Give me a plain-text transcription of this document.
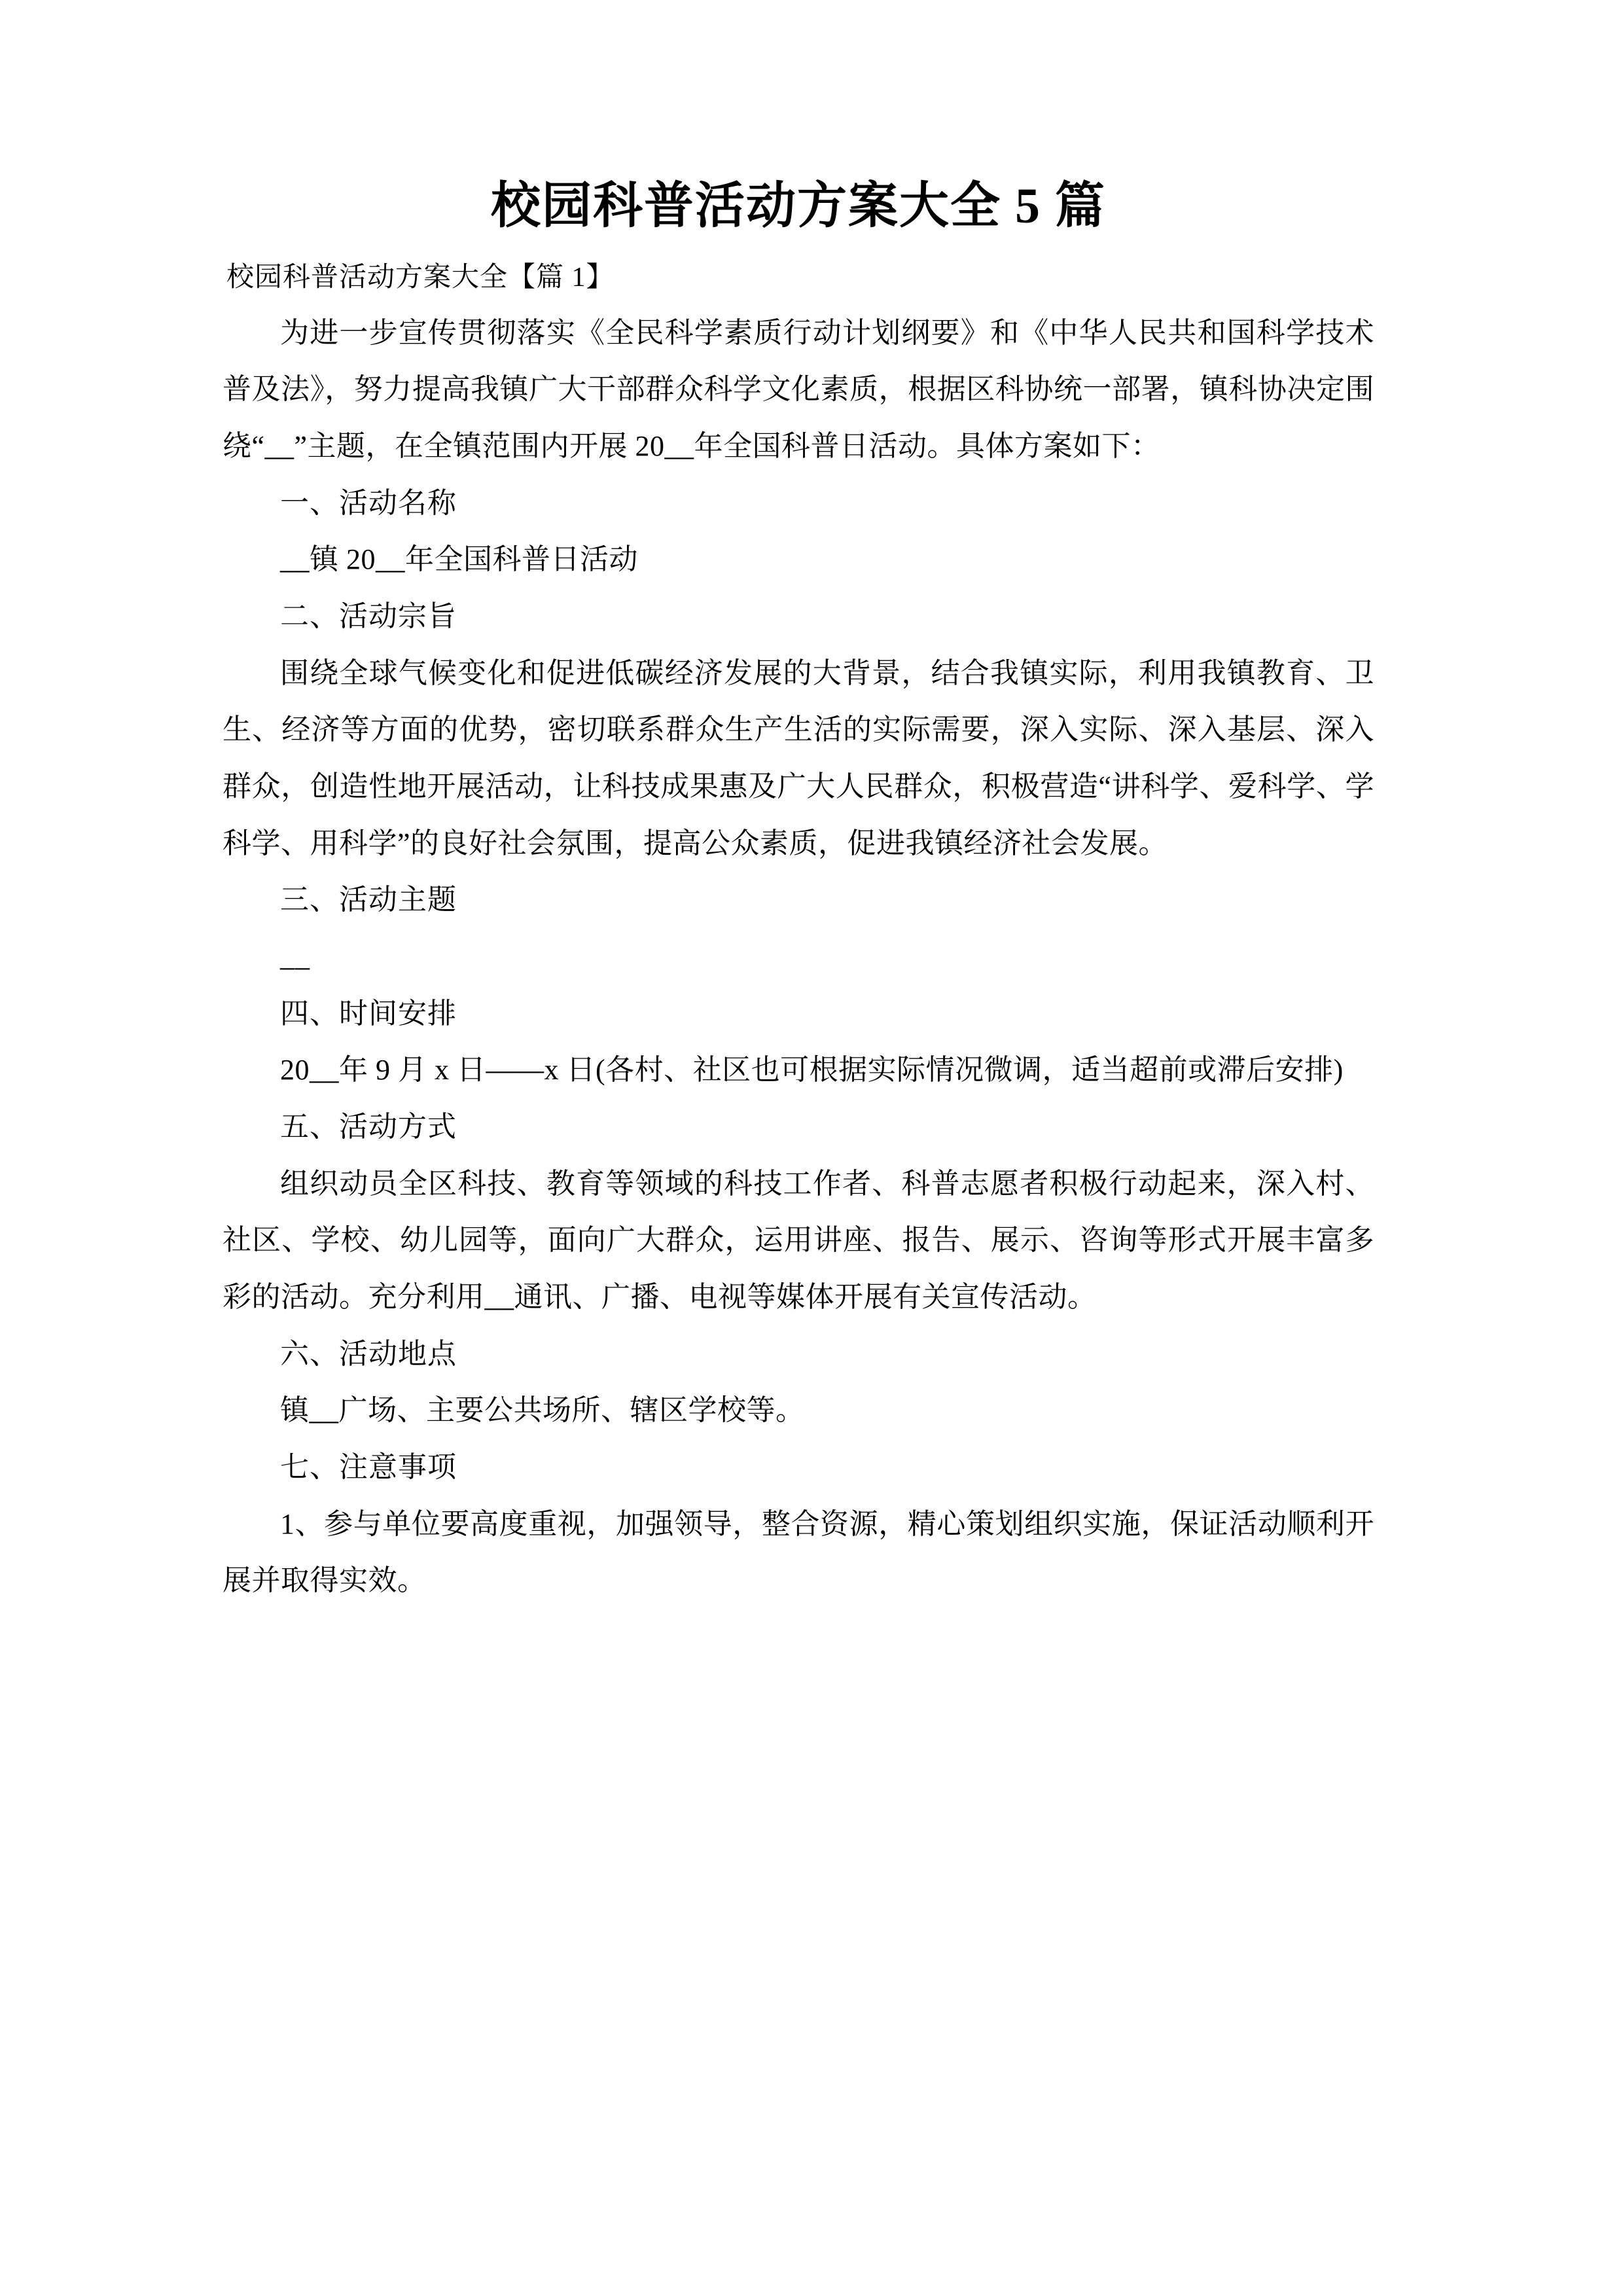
校园科普活动方案大全 5 篇

校园科普活动方案大全【篇 1】

为进一步宣传贯彻落实《全民科学素质行动计划纲要》和《中华人民共和国科学技术普及法》，努力提高我镇广大干部群众科学文化素质，根据区科协统一部署，镇科协决定围绕“__”主题，在全镇范围内开展 20__年全国科普日活动。具体方案如下：

一、活动名称

__镇 20__年全国科普日活动

二、活动宗旨

围绕全球气候变化和促进低碳经济发展的大背景，结合我镇实际，利用我镇教育、卫生、经济等方面的优势，密切联系群众生产生活的实际需要，深入实际、深入基层、深入群众，创造性地开展活动，让科技成果惠及广大人民群众，积极营造“讲科学、爱科学、学科学、用科学”的良好社会氛围，提高公众素质，促进我镇经济社会发展。

三、活动主题

__

四、时间安排

20__年 9 月 x 日——x 日(各村、社区也可根据实际情况微调，适当超前或滞后安排)

五、活动方式

组织动员全区科技、教育等领域的科技工作者、科普志愿者积极行动起来，深入村、社区、学校、幼儿园等，面向广大群众，运用讲座、报告、展示、咨询等形式开展丰富多彩的活动。充分利用__通讯、广播、电视等媒体开展有关宣传活动。

六、活动地点

镇__广场、主要公共场所、辖区学校等。

七、注意事项

1、参与单位要高度重视，加强领导，整合资源，精心策划组织实施，保证活动顺利开展并取得实效。
